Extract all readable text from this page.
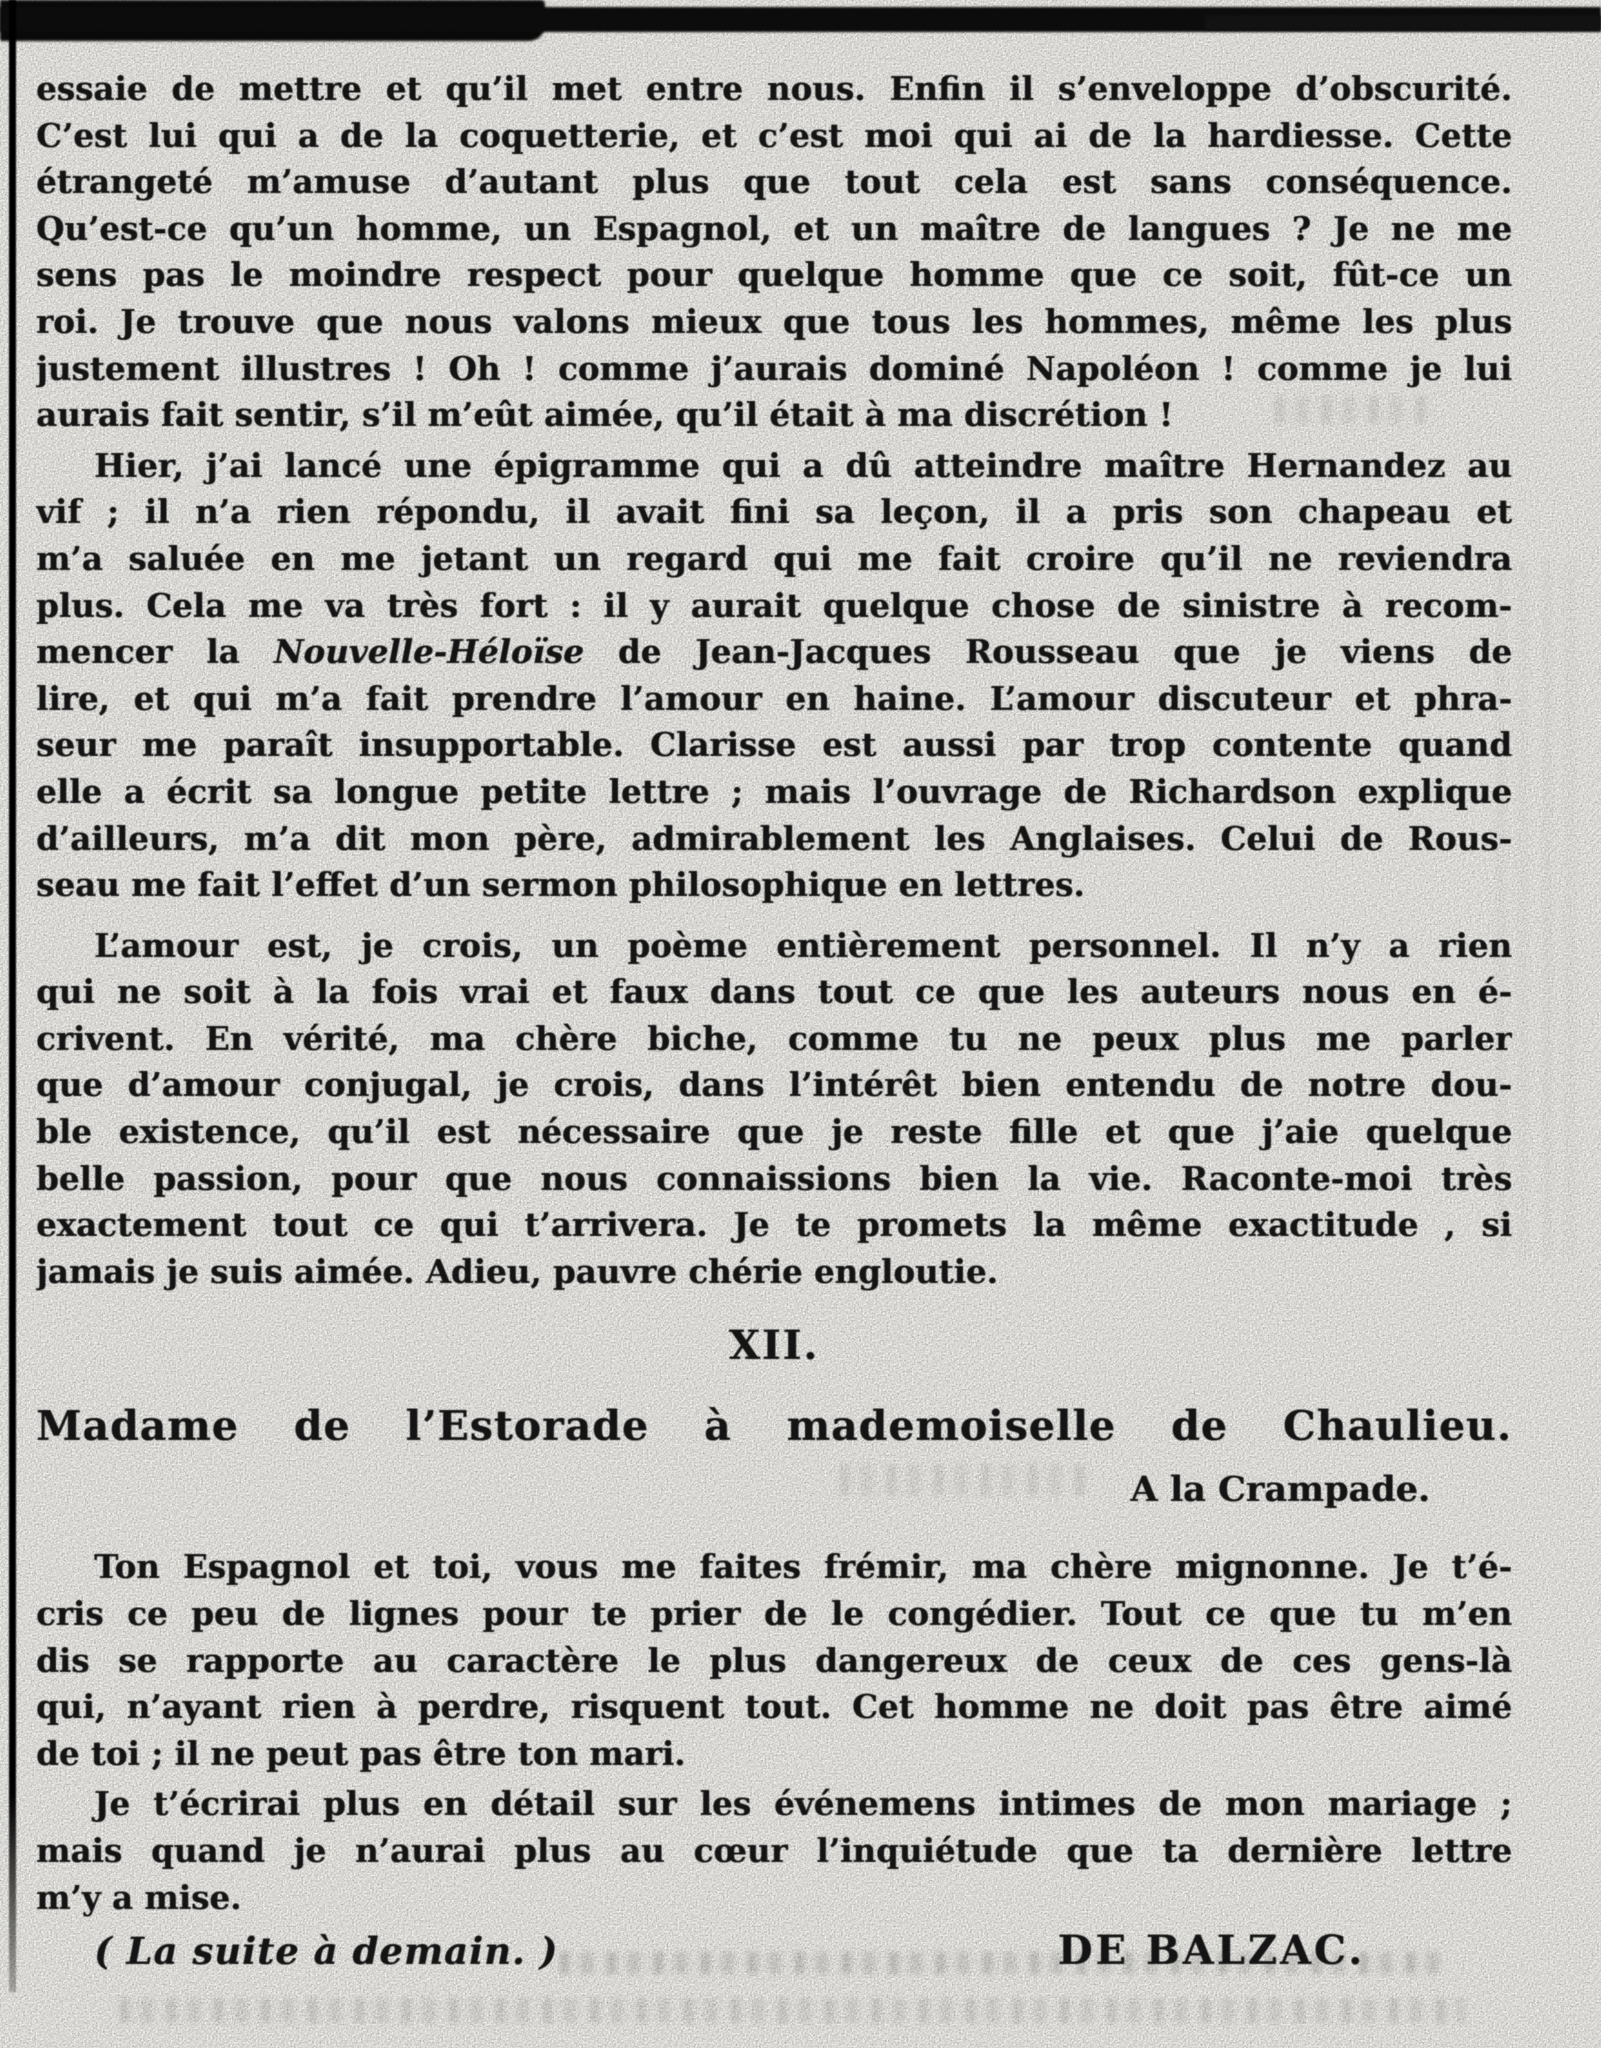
essaie de mettre et qu’il met entre nous. Enfin il s’enveloppe d’obscurité.
C’est lui qui a de la coquetterie, et c’est moi qui ai de la hardiesse. Cette
étrangeté m’amuse d’autant plus que tout cela est sans conséquence.
Qu’est-ce qu’un homme, un Espagnol, et un maître de langues ? Je ne me
sens pas le moindre respect pour quelque homme que ce soit, fût-ce un
roi. Je trouve que nous valons mieux que tous les hommes, même les plus
justement illustres ! Oh ! comme j’aurais dominé Napoléon ! comme je lui
aurais fait sentir, s’il m’eût aimée, qu’il était à ma discrétion !
Hier, j’ai lancé une épigramme qui a dû atteindre maître Hernandez au
vif ; il n’a rien répondu, il avait fini sa leçon, il a pris son chapeau et
m’a saluée en me jetant un regard qui me fait croire qu’il ne reviendra
plus. Cela me va très fort : il y aurait quelque chose de sinistre à recom-
mencer la Nouvelle-Héloïse de Jean-Jacques Rousseau que je viens de
lire, et qui m’a fait prendre l’amour en haine. L’amour discuteur et phra-
seur me paraît insupportable. Clarisse est aussi par trop contente quand
elle a écrit sa longue petite lettre ; mais l’ouvrage de Richardson explique
d’ailleurs, m’a dit mon père, admirablement les Anglaises. Celui de Rous-
seau me fait l’effet d’un sermon philosophique en lettres.
L’amour est, je crois, un poème entièrement personnel. Il n’y a rien
qui ne soit à la fois vrai et faux dans tout ce que les auteurs nous en é-
crivent. En vérité, ma chère biche, comme tu ne peux plus me parler
que d’amour conjugal, je crois, dans l’intérêt bien entendu de notre dou-
ble existence, qu’il est nécessaire que je reste fille et que j’aie quelque
belle passion, pour que nous connaissions bien la vie. Raconte-moi très
exactement tout ce qui t’arrivera. Je te promets la même exactitude , si
jamais je suis aimée. Adieu, pauvre chérie engloutie.
XII.
Madame de l’Estorade à mademoiselle de Chaulieu.
A la Crampade.
Ton Espagnol et toi, vous me faites frémir, ma chère mignonne. Je t’é-
cris ce peu de lignes pour te prier de le congédier. Tout ce que tu m’en
dis se rapporte au caractère le plus dangereux de ceux de ces gens-là
qui, n’ayant rien à perdre, risquent tout. Cet homme ne doit pas être aimé
de toi ; il ne peut pas être ton mari.
Je t’écrirai plus en détail sur les événemens intimes de mon mariage ;
mais quand je n’aurai plus au cœur l’inquiétude que ta dernière lettre
m’y a mise.
( La suite à demain. )	DE BALZAC.
